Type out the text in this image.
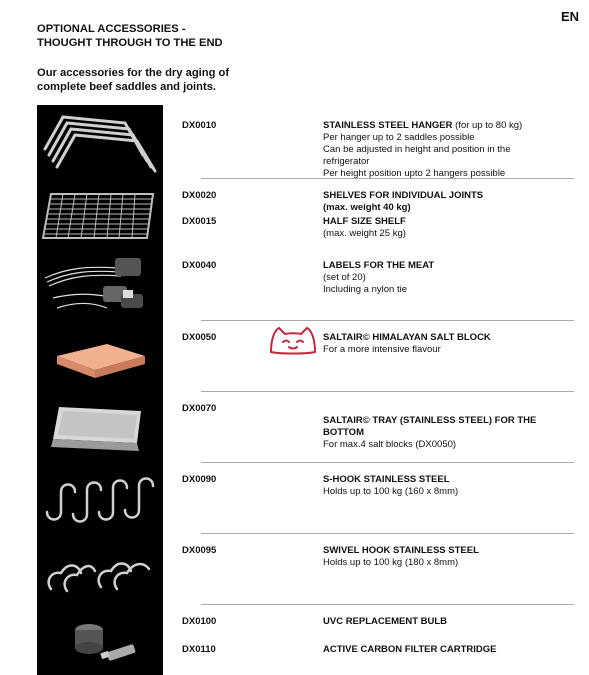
EN
OPTIONAL ACCESSORIES -
THOUGHT THROUGH TO THE END
Our accessories for the dry aging of
complete beef saddles and joints.
DX0010	STAINLESS STEEL HANGER (for up to 80 kg)
Per hanger up to 2 saddles possible
Can be adjusted in height and position in the refrigerator
Per height position upto 2 hangers possible
DX0020	SHELVES FOR INDIVIDUAL JOINTS
(max. weight 40 kg)
DX0015	HALF SIZE SHELF
(max. weight 25 kg)
DX0040	LABELS FOR THE MEAT
(set of 20)
Including a nylon tie
DX0050	SALTAIR© HIMALAYAN SALT BLOCK
For a more intensive flavour
DX0070
SALTAIR© TRAY (STAINLESS STEEL) FOR THE BOTTOM
For max.4 salt blocks (DX0050)
DX0090	S-HOOK STAINLESS STEEL
Holds up to 100 kg (160 x 8mm)
DX0095	SWIVEL HOOK STAINLESS STEEL
Holds up to 100 kg (180 x 8mm)
DX0100	UVC REPLACEMENT BULB
DX0110	ACTIVE CARBON FILTER CARTRIDGE
